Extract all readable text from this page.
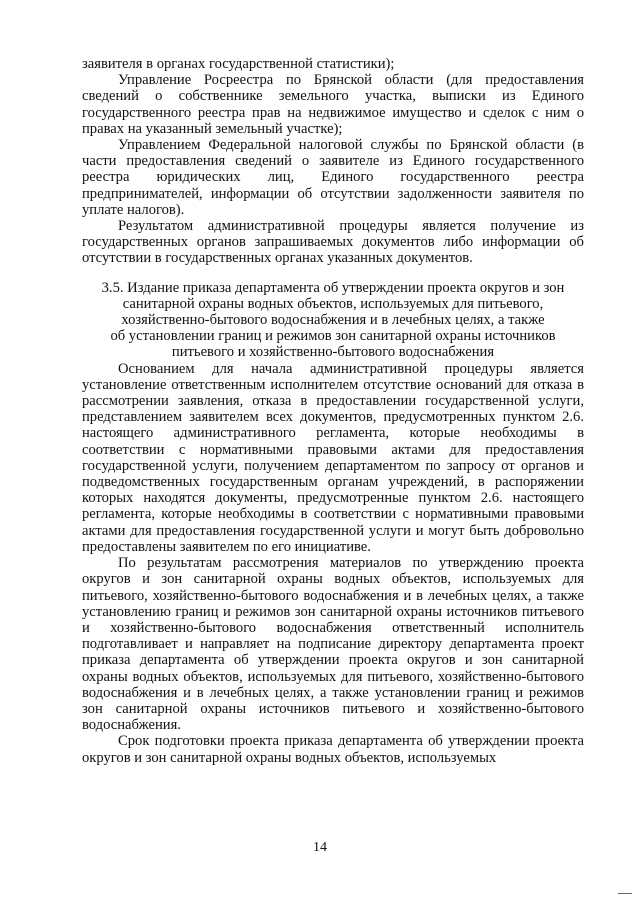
заявителя в органах государственной статистики);

Управление Росреестра по Брянской области (для предоставления сведений о собственнике земельного участка, выписки из Единого государственного реестра прав на недвижимое имущество и сделок с ним о правах на указанный земельный участке);

Управлением Федеральной налоговой службы по Брянской области (в части предоставления сведений о заявителе из Единого государственного реестра юридических лиц, Единого государственного реестра предпринимателей, информации об отсутствии задолженности заявителя по уплате налогов).

Результатом административной процедуры является получение из государственных органов запрашиваемых документов либо информации об отсутствии в государственных органах указанных документов.

3.5. Издание приказа департамента об утверждении проекта округов и зон
санитарной охраны водных объектов, используемых для питьевого,
хозяйственно-бытового водоснабжения и в лечебных целях, а также
об установлении границ и режимов зон санитарной охраны источников
питьевого и хозяйственно-бытового водоснабжения

Основанием для начала административной процедуры является установление ответственным исполнителем отсутствие оснований для отказа в рассмотрении заявления, отказа в предоставлении государственной услуги, представлением заявителем всех документов, предусмотренных пунктом 2.6. настоящего административного регламента, которые необходимы в соответствии с нормативными правовыми актами для предоставления государственной услуги, получением департаментом по запросу от органов и подведомственных государственным органам учреждений, в распоряжении которых находятся документы, предусмотренные пунктом 2.6. настоящего регламента, которые необходимы в соответствии с нормативными правовыми актами для предоставления государственной услуги и могут быть добровольно предоставлены заявителем по его инициативе.

По результатам рассмотрения материалов по утверждению проекта округов и зон санитарной охраны водных объектов, используемых для питьевого, хозяйственно-бытового водоснабжения и в лечебных целях, а также установлению границ и режимов зон санитарной охраны источников питьевого и хозяйственно-бытового водоснабжения ответственный исполнитель подготавливает и направляет на подписание директору департамента проект приказа департамента об утверждении проекта округов и зон санитарной охраны водных объектов, используемых для питьевого, хозяйственно-бытового водоснабжения и в лечебных целях, а также установлении границ и режимов зон санитарной охраны источников питьевого и хозяйственно-бытового водоснабжения.

Срок подготовки проекта приказа департамента об утверждении проекта округов и зон санитарной охраны водных объектов, используемых

14
